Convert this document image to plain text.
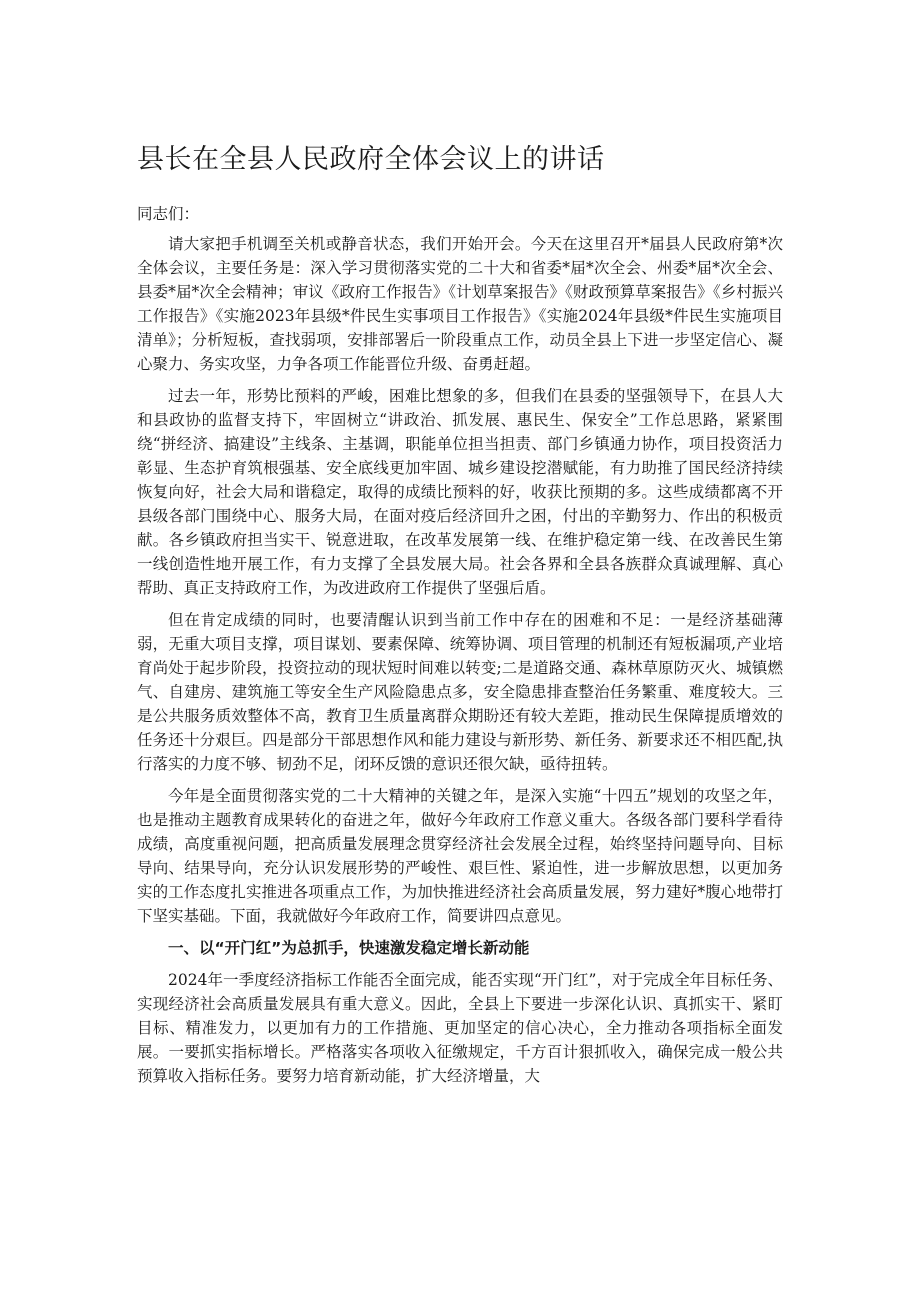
县长在全县人民政府全体会议上的讲话

同志们：

请大家把手机调至关机或静音状态，我们开始开会。今天在这里召开*届县人民政府第*次全体会议，主要任务是：深入学习贯彻落实党的二十大和省委*届*次全会、州委*届*次全会、县委*届*次全会精神；审议《政府工作报告》《计划草案报告》《财政预算草案报告》《乡村振兴工作报告》《实施2023年县级*件民生实事项目工作报告》《实施2024年县级*件民生实施项目清单》；分析短板，查找弱项，安排部署后一阶段重点工作，动员全县上下进一步坚定信心、凝心聚力、务实攻坚，力争各项工作能晋位升级、奋勇赶超。

过去一年，形势比预料的严峻，困难比想象的多，但我们在县委的坚强领导下，在县人大和县政协的监督支持下，牢固树立“讲政治、抓发展、惠民生、保安全”工作总思路，紧紧围绕“拼经济、搞建设”主线条、主基调，职能单位担当担责、部门乡镇通力协作，项目投资活力彰显、生态护育筑根强基、安全底线更加牢固、城乡建设挖潜赋能，有力助推了国民经济持续恢复向好，社会大局和谐稳定，取得的成绩比预料的好，收获比预期的多。这些成绩都离不开县级各部门围绕中心、服务大局，在面对疫后经济回升之困，付出的辛勤努力、作出的积极贡献。各乡镇政府担当实干、锐意进取，在改革发展第一线、在维护稳定第一线、在改善民生第一线创造性地开展工作，有力支撑了全县发展大局。社会各界和全县各族群众真诚理解、真心帮助、真正支持政府工作，为改进政府工作提供了坚强后盾。

但在肯定成绩的同时，也要清醒认识到当前工作中存在的困难和不足：一是经济基础薄弱，无重大项目支撑，项目谋划、要素保障、统筹协调、项目管理的机制还有短板漏项,产业培育尚处于起步阶段，投资拉动的现状短时间难以转变;二是道路交通、森林草原防灭火、城镇燃气、自建房、建筑施工等安全生产风险隐患点多，安全隐患排查整治任务繁重、难度较大。三是公共服务质效整体不高，教育卫生质量离群众期盼还有较大差距，推动民生保障提质增效的任务还十分艰巨。四是部分干部思想作风和能力建设与新形势、新任务、新要求还不相匹配,执行落实的力度不够、韧劲不足，闭环反馈的意识还很欠缺，亟待扭转。

今年是全面贯彻落实党的二十大精神的关键之年，是深入实施“十四五”规划的攻坚之年，也是推动主题教育成果转化的奋进之年，做好今年政府工作意义重大。各级各部门要科学看待成绩，高度重视问题，把高质量发展理念贯穿经济社会发展全过程，始终坚持问题导向、目标导向、结果导向，充分认识发展形势的严峻性、艰巨性、紧迫性，进一步解放思想，以更加务实的工作态度扎实推进各项重点工作，为加快推进经济社会高质量发展，努力建好*腹心地带打下坚实基础。下面，我就做好今年政府工作，简要讲四点意见。

一、以“开门红”为总抓手，快速激发稳定增长新动能

2024年一季度经济指标工作能否全面完成，能否实现“开门红”，对于完成全年目标任务、实现经济社会高质量发展具有重大意义。因此，全县上下要进一步深化认识、真抓实干、紧盯目标、精准发力，以更加有力的工作措施、更加坚定的信心决心，全力推动各项指标全面发展。一要抓实指标增长。严格落实各项收入征缴规定，千方百计狠抓收入，确保完成一般公共预算收入指标任务。要努力培育新动能，扩大经济增量，大
